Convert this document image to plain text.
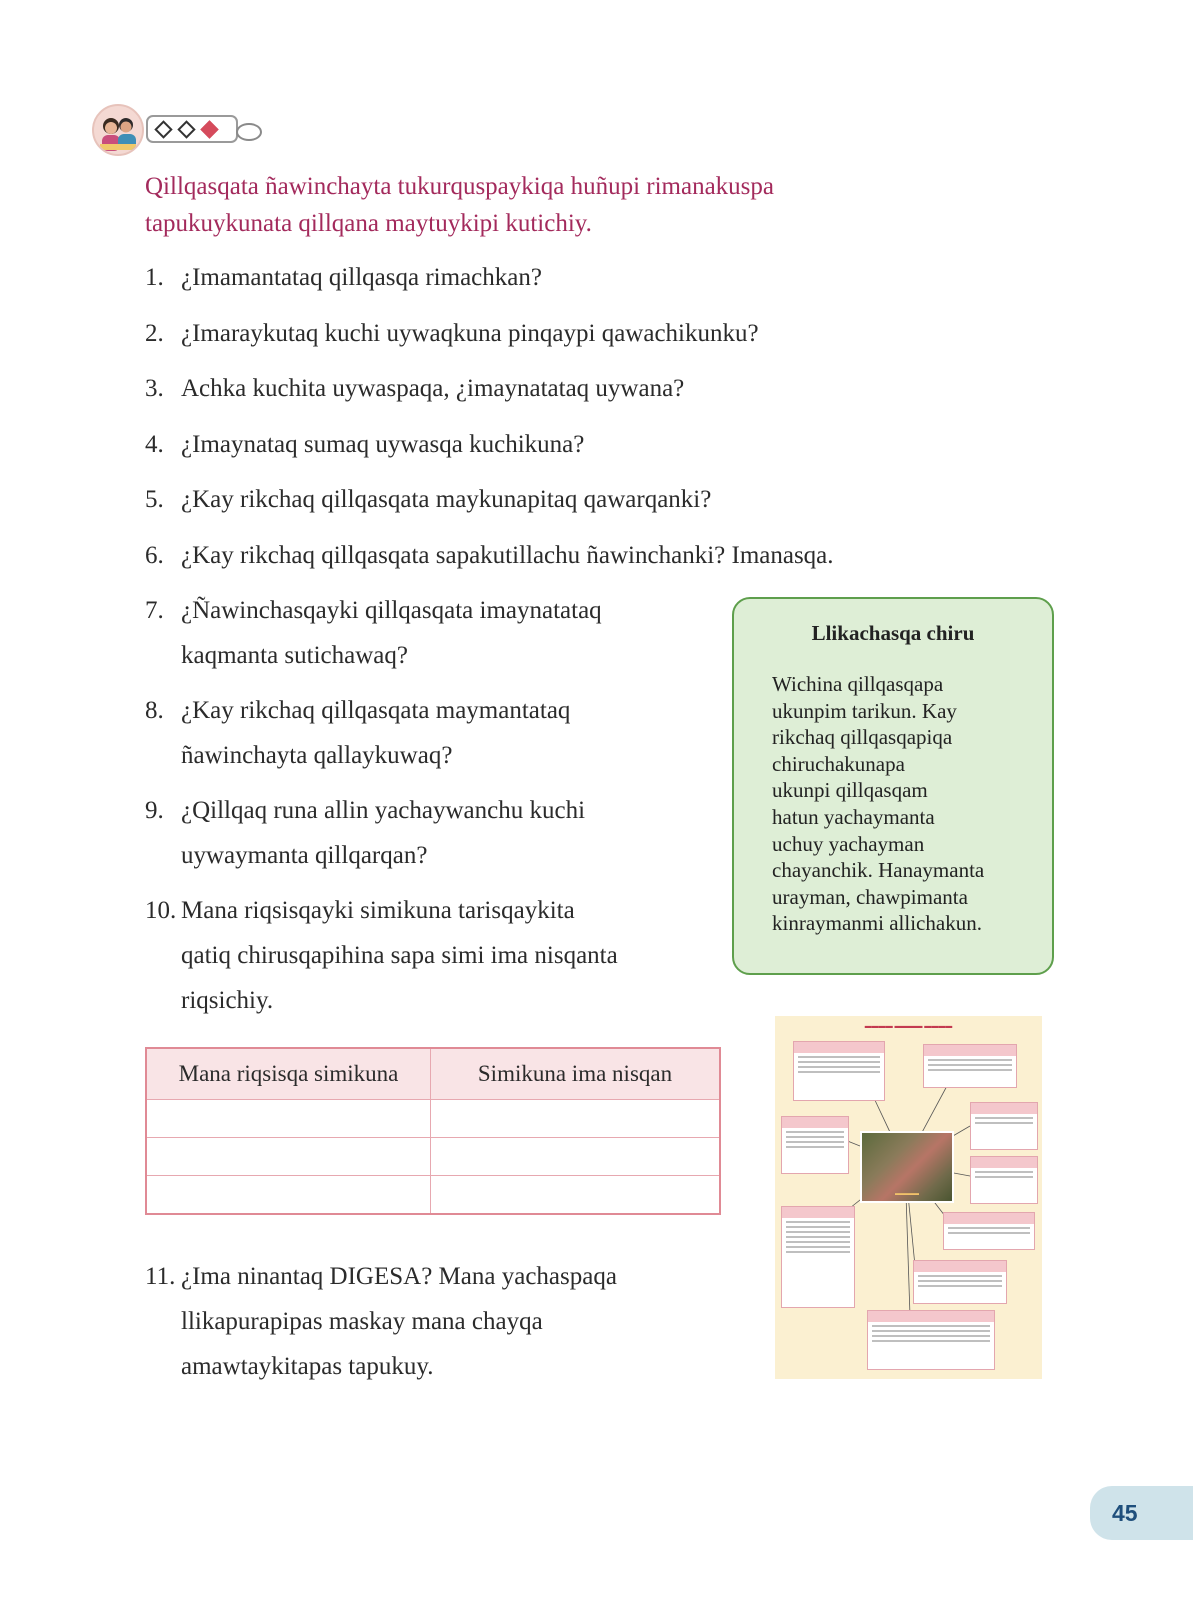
Qillqasqata ñawinchayta tukurquspaykiqa huñupi rimanakuspa
tapukuykunata qillqana maytuykipi kutichiy.
1. ¿Imamantataq qillqasqa rimachkan?
2. ¿Imaraykutaq kuchi uywaqkuna pinqaypi qawachikunku?
3. Achka kuchita uywaspaqa, ¿imaynatataq uywana?
4. ¿Imaynataq sumaq uywasqa kuchikuna?
5. ¿Kay rikchaq qillqasqata maykunapitaq qawarqanki?
6. ¿Kay rikchaq qillqasqata sapakutillachu ñawinchanki? Imanasqa.
7. ¿Ñawinchasqayki qillqasqata imaynatataq
kaqmanta sutichawaq?
8. ¿Kay rikchaq qillqasqata maymantataq
ñawinchayta qallaykuwaq?
9. ¿Qillqaq runa allin yachaywanchu kuchi
uywaymanta qillqarqan?
10. Mana riqsisqayki simikuna tarisqaykita
qatiq chirusqapihina sapa simi ima nisqanta
riqsichiy.
Mana riqsisqa simikuna	Simikuna ima nisqan

11. ¿Ima ninantaq DIGESA? Mana yachaspaqa
llikapurapipas maskay mana chayqa
amawtaykitapas tapukuy.
Llikachasqa chiru
Wichina qillqasqapa
ukunpim tarikun. Kay
rikchaq qillqasqapiqa
chiruchakunapa
ukunpi qillqasqam
hatun yachaymanta
uchuy yachayman
chayanchik. Hanaymanta
urayman, chawpimanta
kinraymanmi allichakun.
▬▬▬▬ ▬▬▬▬ ▬▬▬▬
▬▬▬▬
45
